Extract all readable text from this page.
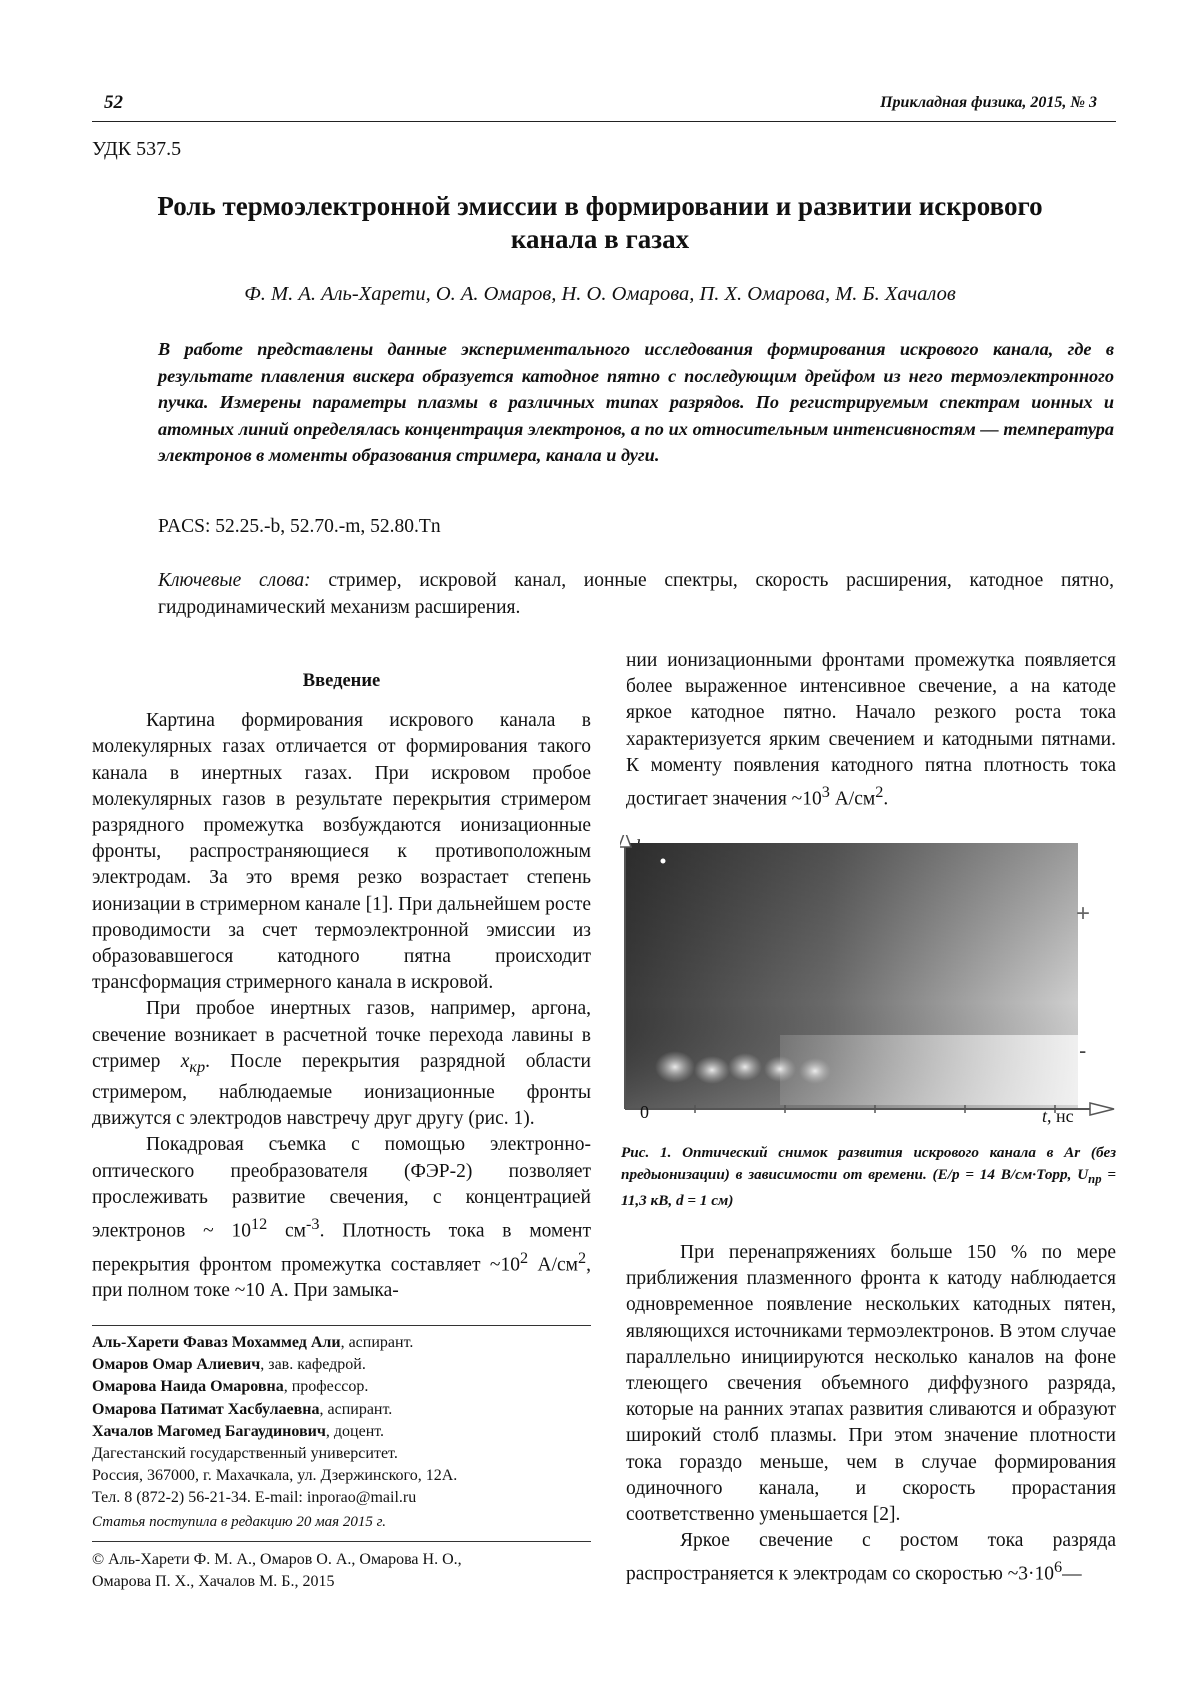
52	Прикладная физика, 2015, № 3
УДК 537.5
Роль термоэлектронной эмиссии в формировании и развитии искрового канала в газах
Ф. М. А. Аль-Харети, О. А. Омаров, Н. О. Омарова, П. Х. Омарова, М. Б. Хачалов
В работе представлены данные экспериментального исследования формирования искрового канала, где в результате плавления вискера образуется катодное пятно с последующим дрейфом из него термоэлектронного пучка. Измерены параметры плазмы в различных типах разрядов. По регистрируемым спектрам ионных и атомных линий определялась концентрация электронов, а по их относительным интенсивностям — температура электронов в моменты образования стримера, канала и дуги.
PACS: 52.25.-b, 52.70.-m, 52.80.Tn
Ключевые слова: стример, искровой канал, ионные спектры, скорость расширения, катодное пятно, гидродинамический механизм расширения.

Введение

Картина формирования искрового канала в молекулярных газах отличается от формирования такого канала в инертных газах. При искровом пробое молекулярных газов в результате перекрытия стримером разрядного промежутка возбуждаются ионизационные фронты, распространяющиеся к противоположным электродам. За это время резко возрастает степень ионизации в стримерном канале [1]. При дальнейшем росте проводимости за счет термоэлектронной эмиссии из образовавшегося катодного пятна происходит трансформация стримерного канала в искровой.

При пробое инертных газов, например, аргона, свечение возникает в расчетной точке перехода лавины в стример $x_{кр}$. После перекрытия разрядной области стримером, наблюдаемые ионизационные фронты движутся с электродов навстречу друг другу (рис. 1).

Покадровая съемка с помощью электронно-оптического преобразователя (ФЭР-2) позволяет прослеживать развитие свечения, с концентрацией электронов ~ $10^{12}$ $см^{-3}$. Плотность тока в момент перекрытия фронтом промежутка составляет $\sim 10^2$ $А/см^2$, при полном токе ~10 А. При замыка-

нии ионизационными фронтами промежутка появляется более выраженное интенсивное свечение, а на катоде яркое катодное пятно. Начало резкого роста тока характеризуется ярким свечением и катодными пятнами. К моменту появления катодного пятна плотность тока достигает значения $\sim 10^3$ $А/см^2$.

+
-
0	t, нс
Рис. 1. Оптический снимок развития искрового канала в Ar (без предыонизации) в зависимости от времени. (E/p = 14 В/см·Торр, $U_{пр} = 11,3$ кВ, d = 1 см)

При перенапряжениях больше 150 % по мере приближения плазменного фронта к катоду наблюдается одновременное появление нескольких катодных пятен, являющихся источниками термоэлектронов. В этом случае параллельно инициируются несколько каналов на фоне тлеющего свечения объемного диффузного разряда, которые на ранних этапах развития сливаются и образуют широкий столб плазмы. При этом значение плотности тока гораздо меньше, чем в случае формирования одиночного канала, и скорость прорастания соответственно уменьшается [2].

Яркое свечение с ростом тока разряда распространяется к электродам со скоростью $\sim 3\cdot 10^6—$

Аль-Харети Фаваз Мохаммед Али, аспирант.

Омаров Омар Алиевич, зав. кафедрой.

Омарова Наида Омаровна, профессор.

Омарова Патимат Хасбулаевна, аспирант.

Хачалов Магомед Багаудинович, доцент.

Дагестанский государственный университет.

Россия, 367000, г. Махачкала, ул. Дзержинского, 12А.

Тел. 8 (872-2) 56-21-34. E-mail: inporao@mail.ru

Статья поступила в редакцию 20 мая 2015 г.
© Аль-Харети Ф. М. А., Омаров О. А., Омарова Н. О.,
Омарова П. Х., Хачалов М. Б., 2015
